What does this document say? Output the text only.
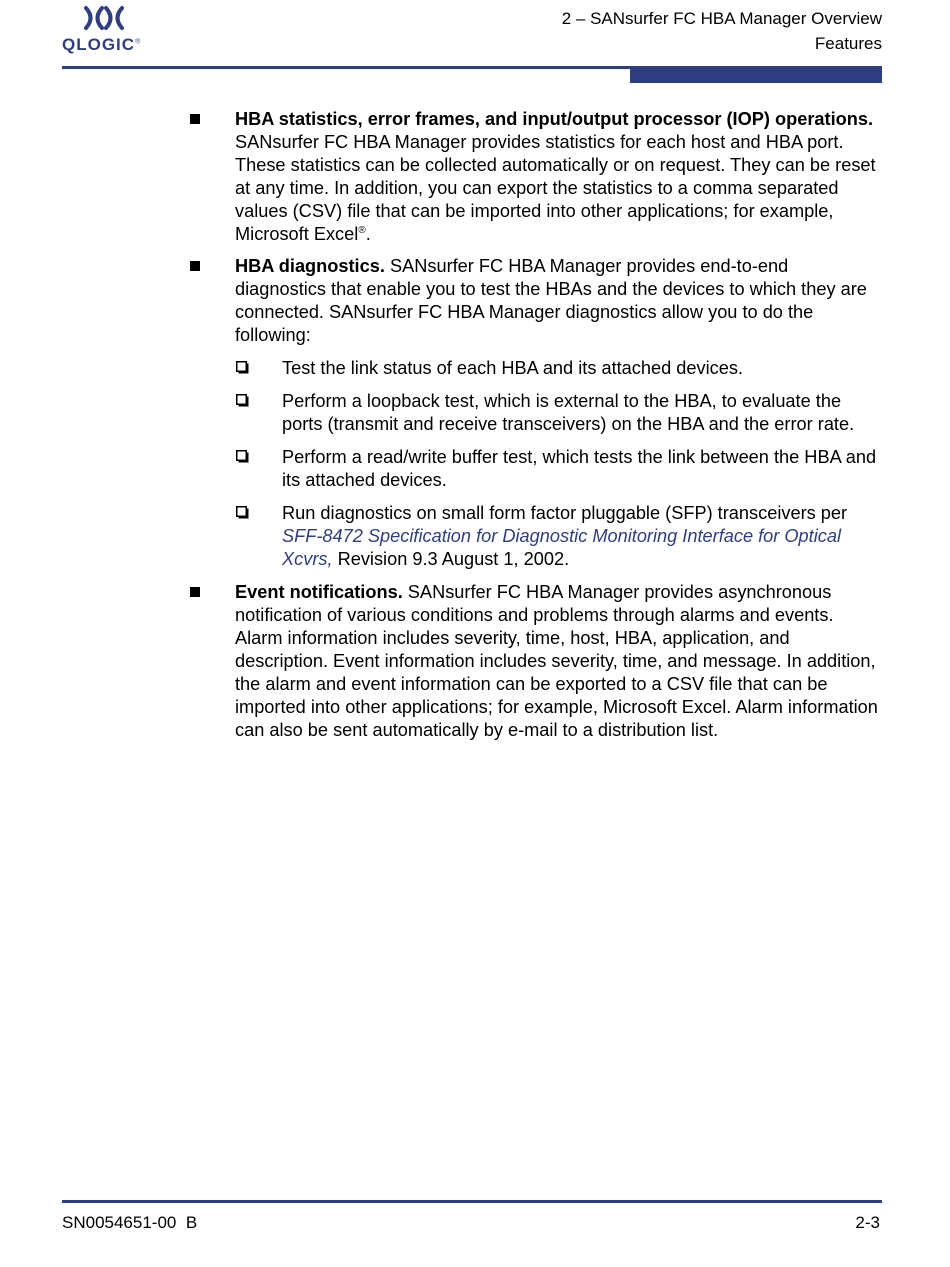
QLOGIC®
2 – SANsurfer FC HBA Manager Overview
Features
HBA statistics, error frames, and input/output processor (IOP) operations. SANsurfer FC HBA Manager provides statistics for each host and HBA port. These statistics can be collected automatically or on request. They can be reset at any time. In addition, you can export the statistics to a comma separated values (CSV) file that can be imported into other applications; for example, Microsoft Excel®.
HBA diagnostics. SANsurfer FC HBA Manager provides end-to-end diagnostics that enable you to test the HBAs and the devices to which they are connected. SANsurfer FC HBA Manager diagnostics allow you to do the following:
Test the link status of each HBA and its attached devices.
Perform a loopback test, which is external to the HBA, to evaluate the ports (transmit and receive transceivers) on the HBA and the error rate.
Perform a read/write buffer test, which tests the link between the HBA and its attached devices.
Run diagnostics on small form factor pluggable (SFP) transceivers per SFF-8472 Specification for Diagnostic Monitoring Interface for Optical Xcvrs, Revision 9.3 August 1, 2002.
Event notifications. SANsurfer FC HBA Manager provides asynchronous notification of various conditions and problems through alarms and events. Alarm information includes severity, time, host, HBA, application, and description. Event information includes severity, time, and message. In addition, the alarm and event information can be exported to a CSV file that can be imported into other applications; for example, Microsoft Excel. Alarm information can also be sent automatically by e-mail to a distribution list.
SN0054651-00  B	2-3
